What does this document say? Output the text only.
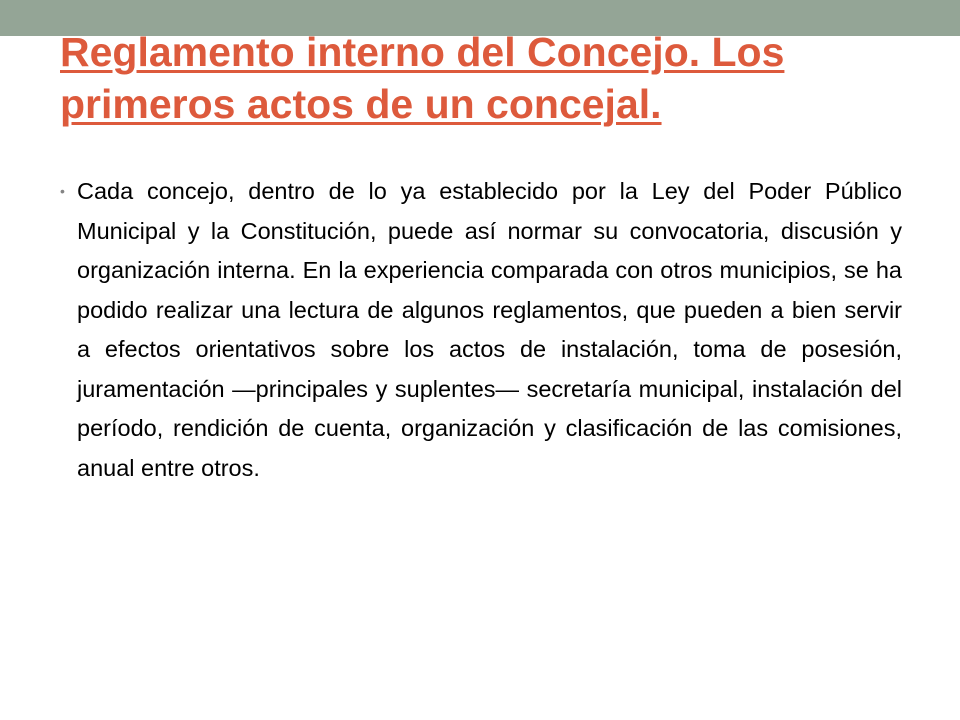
Reglamento interno del Concejo. Los primeros actos de un concejal.
• Cada concejo, dentro de lo ya establecido por la Ley del Poder Público Municipal y la Constitución, puede así normar su convocatoria, discusión y organización interna. En la experiencia comparada con otros municipios, se ha podido realizar una lectura de algunos reglamentos, que pueden a bien servir a efectos orientativos sobre los actos de instalación, toma de posesión, juramentación —principales y suplentes— secretaría municipal, instalación del período, rendición de cuenta, organización y clasificación de las comisiones, anual entre otros.
